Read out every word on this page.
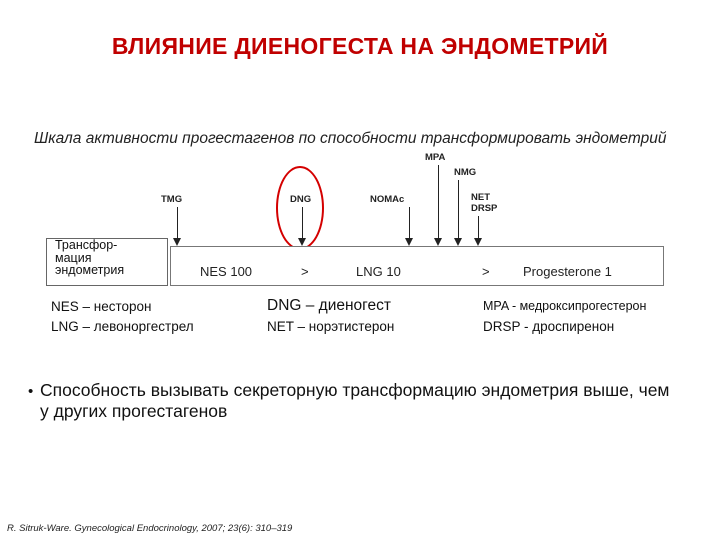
ВЛИЯНИЕ ДИЕНОГЕСТА НА ЭНДОМЕТРИЙ
Шкала активности прогестагенов по способности трансформировать эндометрий
TMG	DNG	NOMAc
MPA
NMG
NET
DRSP
NES 100	>	LNG 10	>	Progesterone 1
Трансфор-
мация
эндометрия
NES – несторон
LNG – левоноргестрел
DNG – диеногест
NET – норэтистерон
MPA - медроксипрогестерон
DRSP - дроспиренон
• Способность вызывать секреторную трансформацию эндометрия выше, чем у других прогестагенов
R. Sitruk-Ware. Gynecological Endocrinology, 2007; 23(6): 310–319
